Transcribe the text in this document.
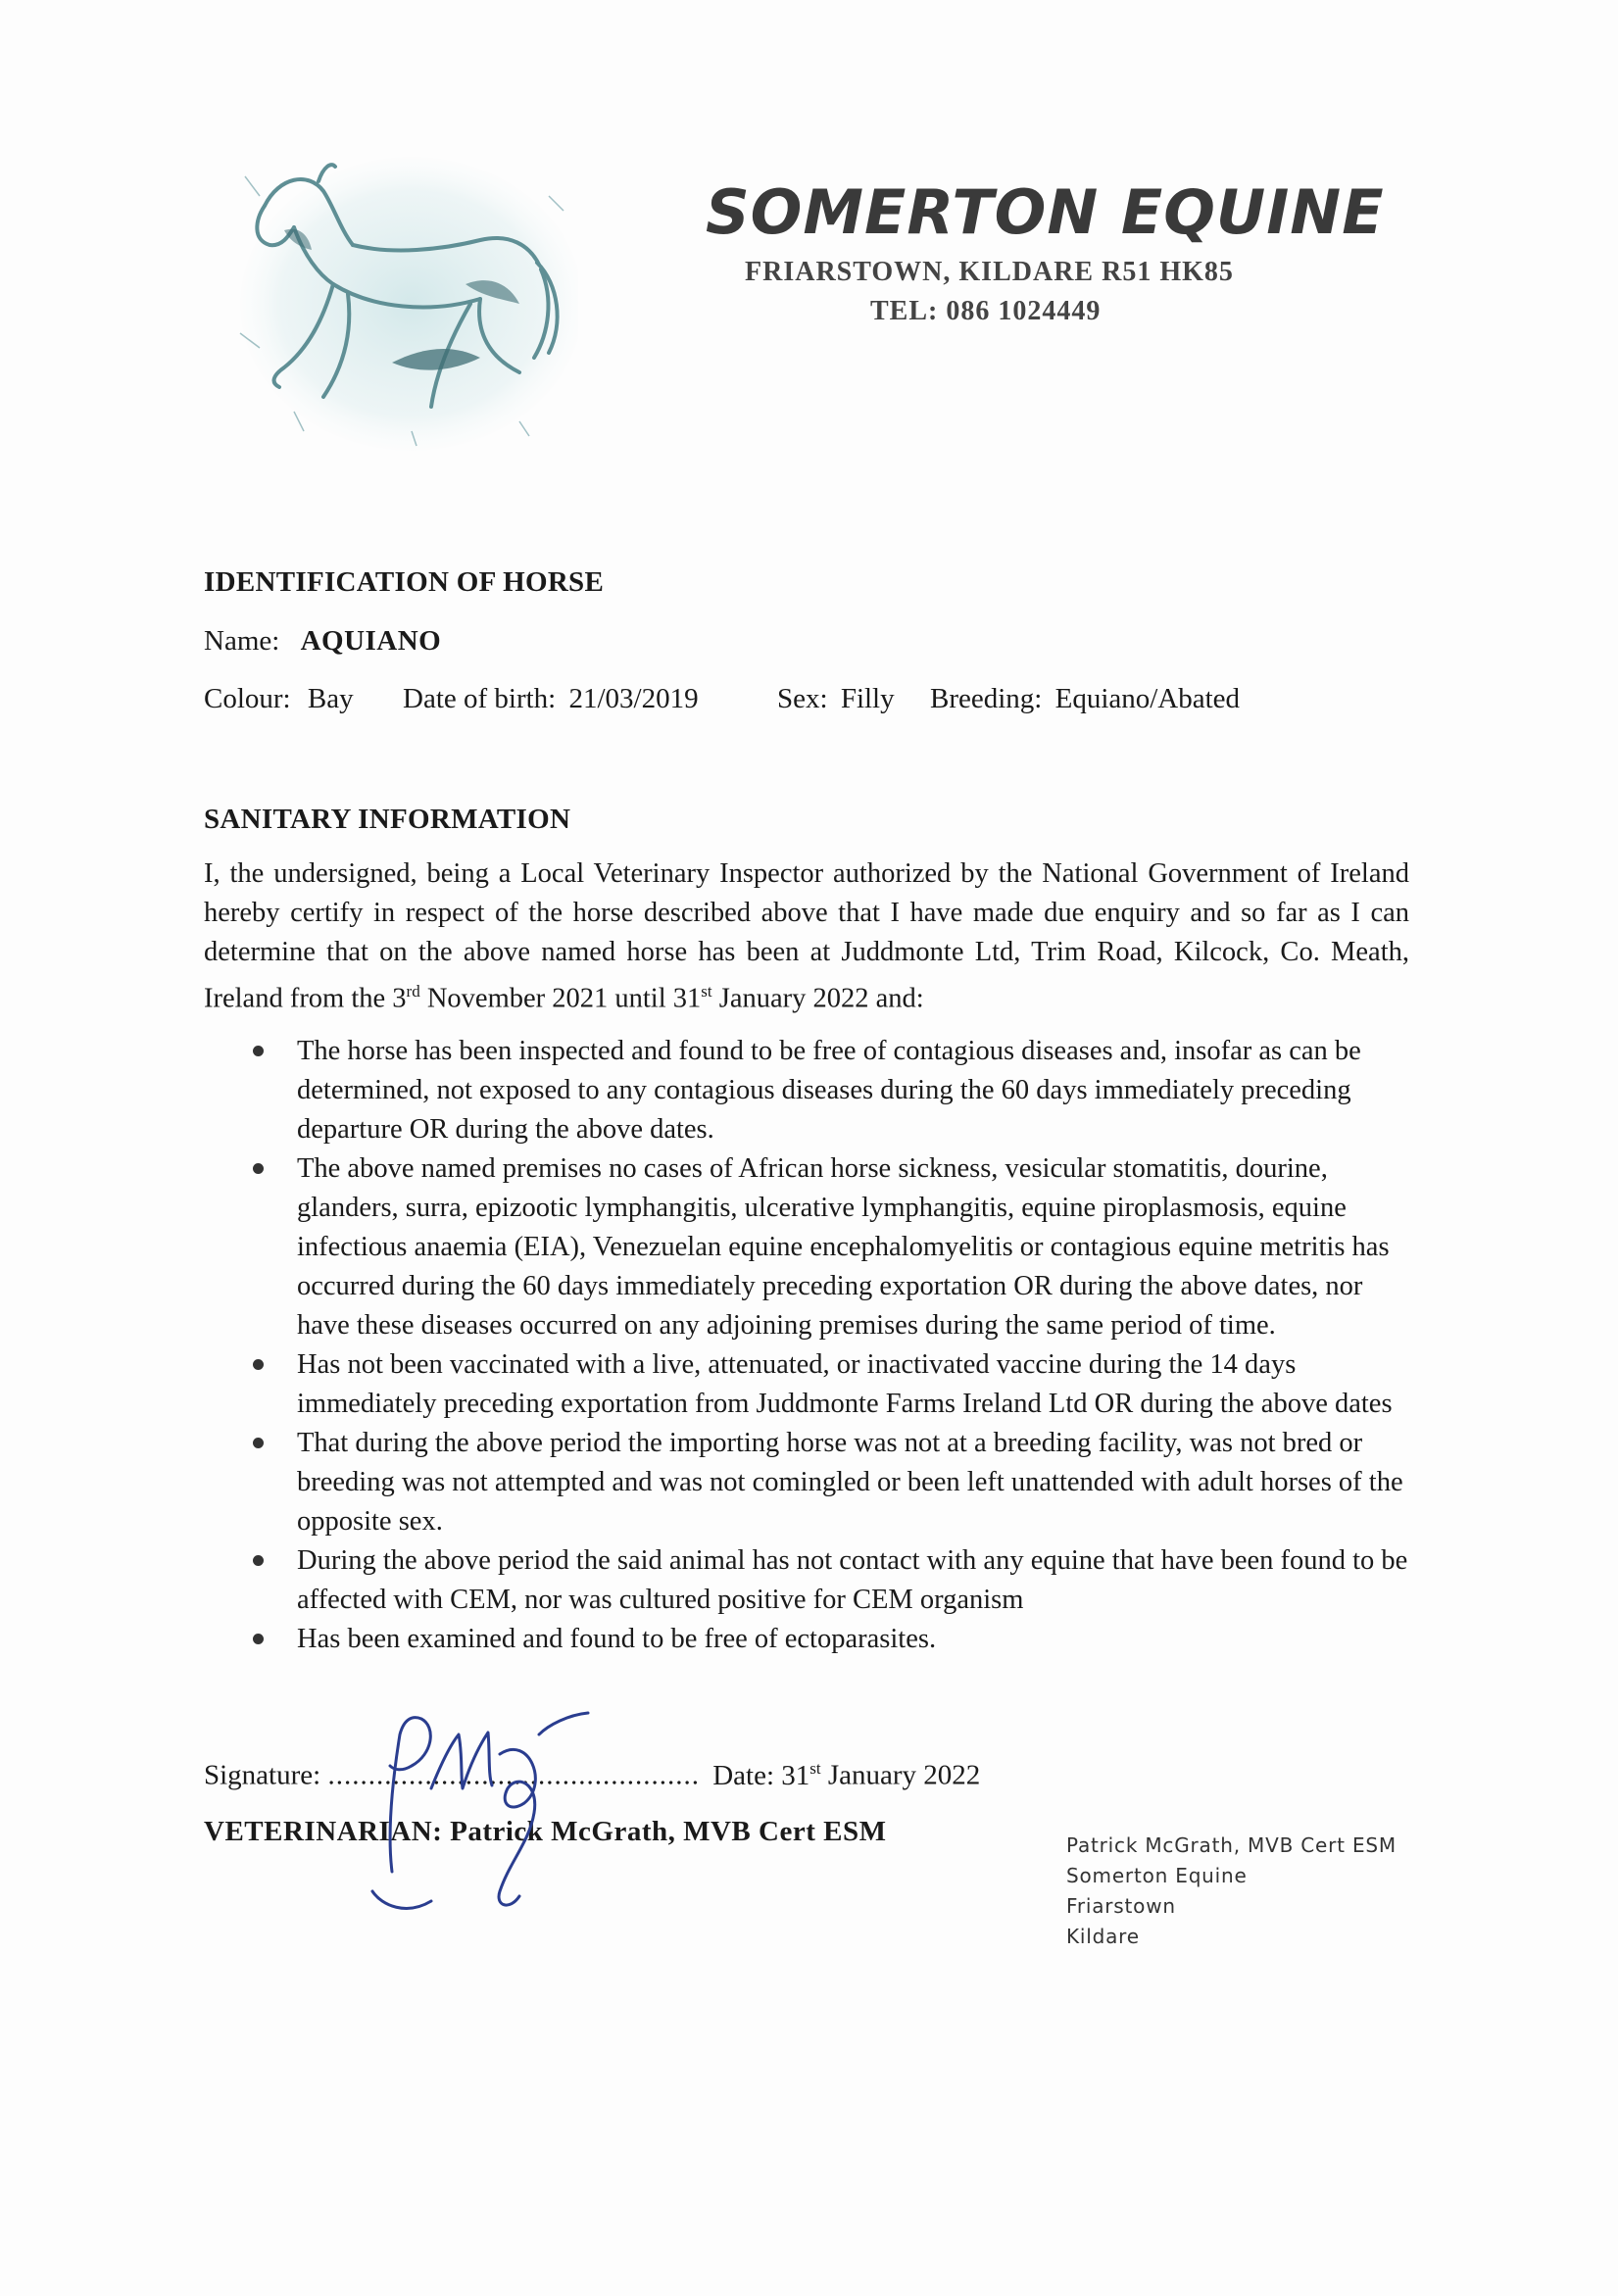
SOMERTON EQUINE
FRIARSTOWN, KILDARE R51 HK85
TEL: 086 1024449
IDENTIFICATION OF HORSE
Name: AQUIANO
Colour: Bay Date of birth: 21/03/2019	Sex: Filly Breeding: Equiano/Abated
SANITARY INFORMATION

I, the undersigned, being a Local Veterinary Inspector authorized by the National Government of Ireland hereby certify in respect of the horse described above that I have made due enquiry and so far as I can determine that on the above named horse has been at Juddmonte Ltd, Trim Road, Kilcock, Co. Meath, Ireland from the 3rd November 2021 until 31st January 2022 and:

The horse has been inspected and found to be free of contagious diseases and, insofar as can be determined, not exposed to any contagious diseases during the 60 days immediately preceding departure OR during the above dates.
The above named premises no cases of African horse sickness, vesicular stomatitis, dourine, glanders, surra, epizootic lymphangitis, ulcerative lymphangitis, equine piroplasmosis, equine infectious anaemia (EIA), Venezuelan equine encephalomyelitis or contagious equine metritis has occurred during the 60 days immediately preceding exportation OR during the above dates, nor have these diseases occurred on any adjoining premises during the same period of time.
Has not been vaccinated with a live, attenuated, or inactivated vaccine during the 14 days immediately preceding exportation from Juddmonte Farms Ireland Ltd OR during the above dates
That during the above period the importing horse was not at a breeding facility, was not bred or breeding was not attempted and was not comingled or been left unattended with adult horses of the opposite sex.
During the above period the said animal has not contact with any equine that have been found to be affected with CEM, nor was cultured positive for CEM organism
Has been examined and found to be free of ectoparasites.
Signature: .............................................. Date: 31st January 2022
VETERINARIAN: Patrick McGrath, MVB Cert ESM	Patrick McGrath, MVB Cert ESM
Somerton Equine
Friarstown
Kildare
